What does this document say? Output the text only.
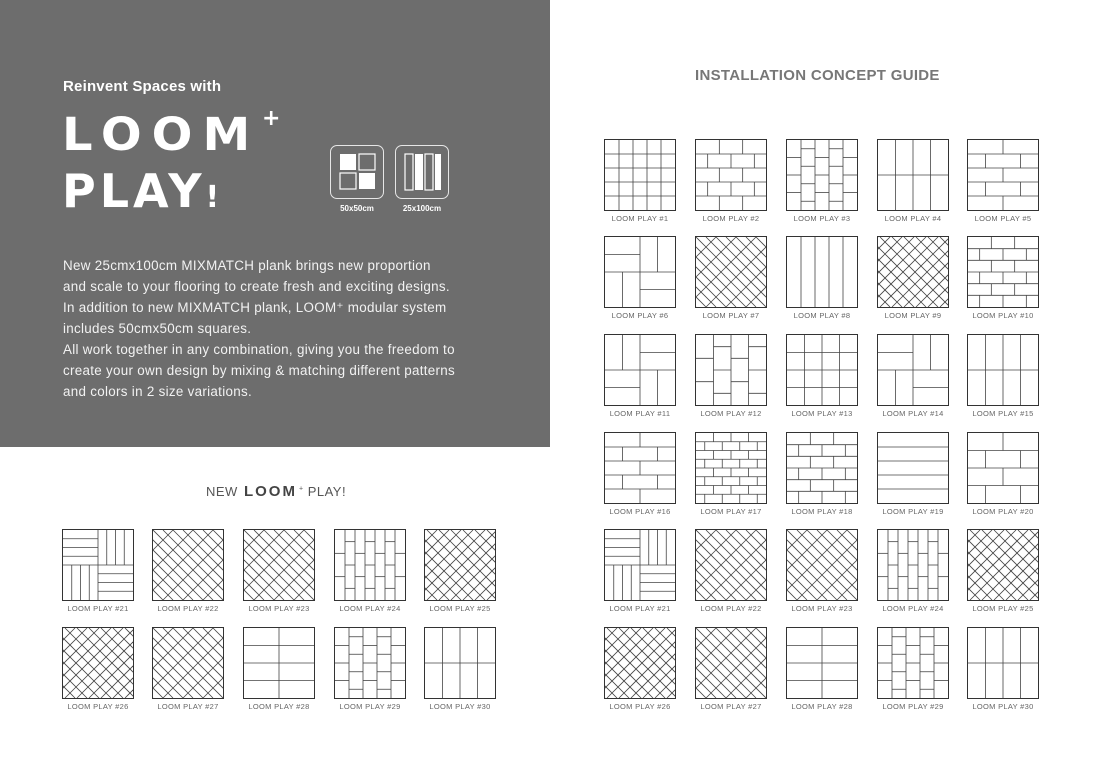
Reinvent Spaces with
LOOM +
PLAY!	50x50cm	25x100cm

New 25cmx100cm MIXMATCH plank brings new proportion

and scale to your flooring to create fresh and exciting designs.

In addition to new MIXMATCH plank, LOOM⁺ modular system

includes 50cmx50cm squares.

All work together in any combination, giving you the freedom to

create your own design by mixing & matching different patterns

and colors in 2 size variations.

NEW LOOM + PLAY!
INSTALLATION CONCEPT GUIDE
LOOM PLAY #1	LOOM PLAY #2	LOOM PLAY #3	LOOM PLAY #4	LOOM PLAY #5
LOOM PLAY #6	LOOM PLAY #7	LOOM PLAY #8	LOOM PLAY #9	LOOM PLAY #10
LOOM PLAY #11	LOOM PLAY #12	LOOM PLAY #13	LOOM PLAY #14	LOOM PLAY #15
LOOM PLAY #16	LOOM PLAY #17	LOOM PLAY #18	LOOM PLAY #19	LOOM PLAY #20
LOOM PLAY #21	LOOM PLAY #22	LOOM PLAY #23	LOOM PLAY #24	LOOM PLAY #25
LOOM PLAY #26	LOOM PLAY #27	LOOM PLAY #28	LOOM PLAY #29	LOOM PLAY #30
LOOM PLAY #21	LOOM PLAY #22	LOOM PLAY #23	LOOM PLAY #24	LOOM PLAY #25
LOOM PLAY #26	LOOM PLAY #27	LOOM PLAY #28	LOOM PLAY #29	LOOM PLAY #30
